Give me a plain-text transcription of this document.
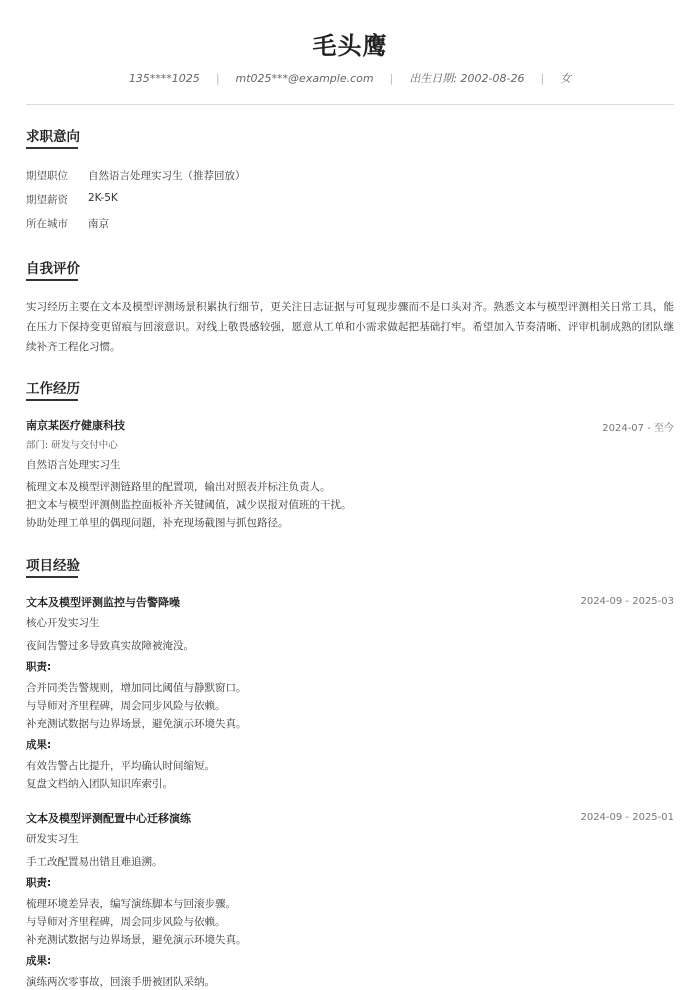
毛头鹰
135****1025	|	mt025***@example.com	|	出生日期: 2002-08-26	|	女
求职意向
期望职位	自然语言处理实习生（推荐回放）
期望薪资	2K-5K
所在城市	南京
自我评价
实习经历主要在文本及模型评测场景积累执行细节，更关注日志证据与可复现步骤而不是口头对齐。熟悉文本与模型评测相关日常工具，能在压力下保持变更留痕与回滚意识。对线上敬畏感较强，愿意从工单和小需求做起把基础打牢。希望加入节奏清晰、评审机制成熟的团队继续补齐工程化习惯。
工作经历
南京某医疗健康科技	2024-07 - 至今
部门: 研发与交付中心
自然语言处理实习生
梳理文本及模型评测链路里的配置项，输出对照表并标注负责人。
把文本与模型评测侧监控面板补齐关键阈值，减少误报对值班的干扰。
协助处理工单里的偶现问题，补充现场截图与抓包路径。
项目经验
文本及模型评测监控与告警降噪	2024-09 - 2025-03
核心开发实习生
夜间告警过多导致真实故障被淹没。
职责:
合并同类告警规则，增加同比阈值与静默窗口。
与导师对齐里程碑，周会同步风险与依赖。
补充测试数据与边界场景，避免演示环境失真。
成果:
有效告警占比提升，平均确认时间缩短。
复盘文档纳入团队知识库索引。
文本及模型评测配置中心迁移演练	2024-09 - 2025-01
研发实习生
手工改配置易出错且难追溯。
职责:
梳理环境差异表，编写演练脚本与回滚步骤。
与导师对齐里程碑，周会同步风险与依赖。
补充测试数据与边界场景，避免演示环境失真。
成果:
演练两次零事故，回滚手册被团队采纳。
